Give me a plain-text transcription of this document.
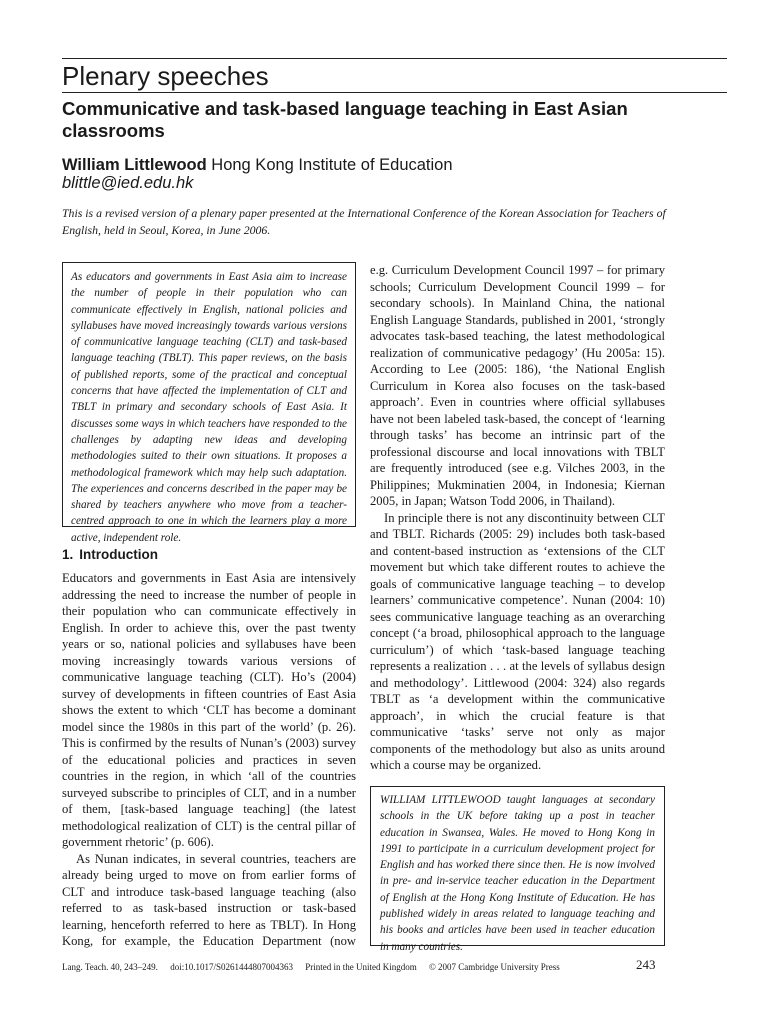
Plenary speeches
Communicative and task-based language teaching in East Asian classrooms

William Littlewood Hong Kong Institute of Education

blittle@ied.edu.hk

This is a revised version of a plenary paper presented at the International Conference of the Korean Association for Teachers of English, held in Seoul, Korea, in June 2006.

As educators and governments in East Asia aim to increase the number of people in their population who can communicate effectively in English, national policies and syllabuses have moved increasingly towards various versions of communicative language teaching (CLT) and task-based language teaching (TBLT). This paper reviews, on the basis of published reports, some of the practical and conceptual concerns that have affected the implementation of CLT and TBLT in primary and secondary schools of East Asia. It discusses some ways in which teachers have responded to the challenges by adapting new ideas and developing methodologies suited to their own situations. It proposes a methodological framework which may help such adaptation. The experiences and concerns described in the paper may be shared by teachers anywhere who move from a teacher-centred approach to one in which the learners play a more active, independent role.

1. Introduction

Educators and governments in East Asia are intensively addressing the need to increase the number of people in their population who can communicate effectively in English. In order to achieve this, over the past twenty years or so, national policies and syllabuses have been moving increasingly towards various versions of communicative language teaching (CLT). Ho’s (2004) survey of developments in fifteen countries of East Asia shows the extent to which ‘CLT has become a dominant model since the 1980s in this part of the world’ (p. 26). This is confirmed by the results of Nunan’s (2003) survey of the educational policies and practices in seven countries in the region, in which ‘all of the countries surveyed subscribe to principles of CLT, and in a number of them, [task-based language teaching] (the latest methodological realization of CLT) is the central pillar of government rhetoric’ (p. 606).

As Nunan indicates, in several countries, teachers are already being urged to move on from earlier forms of CLT and introduce task-based language teaching (also referred to as task-based instruction or task-based learning, henceforth referred to here as TBLT). In Hong Kong, for example, the Education Department (now

e.g. Curriculum Development Council 1997 – for primary schools; Curriculum Development Council 1999 – for secondary schools). In Mainland China, the national English Language Standards, published in 2001, ‘strongly advocates task-based teaching, the latest methodological realization of communicative pedagogy’ (Hu 2005a: 15). According to Lee (2005: 186), ‘the National English Curriculum in Korea also focuses on the task-based approach’. Even in countries where official syllabuses have not been labeled task-based, the concept of ‘learning through tasks’ has become an intrinsic part of the professional discourse and local innovations with TBLT are frequently introduced (see e.g. Vilches 2003, in the Philippines; Mukminatien 2004, in Indonesia; Kiernan 2005, in Japan; Watson Todd 2006, in Thailand).

In principle there is not any discontinuity between CLT and TBLT. Richards (2005: 29) includes both task-based and content-based instruction as ‘extensions of the CLT movement but which take different routes to achieve the goals of communicative language teaching – to develop learners’ communicative competence’. Nunan (2004: 10) sees communicative language teaching as an overarching concept (‘a broad, philosophical approach to the language curriculum’) of which ‘task-based language teaching represents a realization . . . at the levels of syllabus design and methodology’. Littlewood (2004: 324) also regards TBLT as ‘a development within the communicative approach’, in which the crucial feature is that communicative ‘tasks’ serve not only as major components of the methodology but also as units around which a course may be organized.

WILLIAM LITTLEWOOD taught languages at secondary schools in the UK before taking up a post in teacher education in Swansea, Wales. He moved to Hong Kong in 1991 to participate in a curriculum development project for English and has worked there since then. He is now involved in pre- and in-service teacher education in the Department of English at the Hong Kong Institute of Education. He has published widely in areas related to language teaching and his books and articles have been used in teacher education in many countries.

Lang. Teach. 40, 243–249. doi:10.1017/S0261444807004363 Printed in the United Kingdom © 2007 Cambridge University Press	243
